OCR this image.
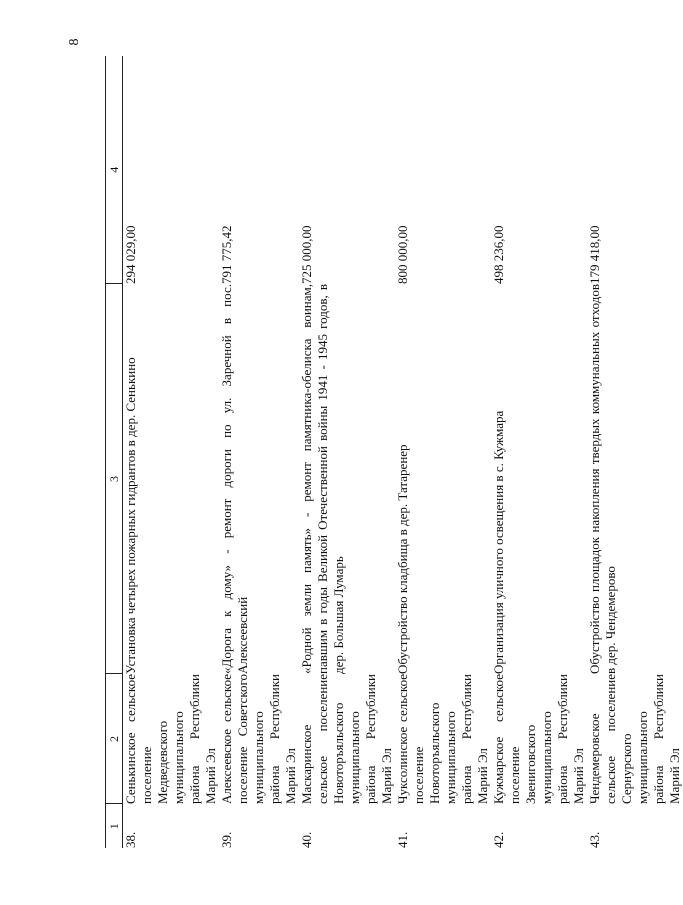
8
1	2	3	4
38.	Сенькинское сельское поселение Медведевского муниципального района Республики Марий Эл	Установка четырех пожарных гидрантов в дер. Сенькино	294 029,00
39.	Алексеевское сельское поселение Советского муниципального района Республики Марий Эл	«Дорога к дому» - ремонт дороги по ул. Заречной в пос. Алексеевский	791 775,42
40.	Маскаринское сельское поселение Новоторъяльского муниципального района Республики Марий Эл	«Родной земли память» - ремонт памятника-обелиска воинам, павшим в годы Великой Отечественной войны 1941 - 1945 годов, в дер. Большая Лумарь	725 000,00
41.	Чуксолинское сельское поселение Новоторъяльского муниципального района Республики Марий Эл	Обустройство кладбища в дер. Татаренер	800 000,00
42.	Кужмарское сельское поселение Звениговского муниципального района Республики Марий Эл	Организация уличного освещения в с. Кужмара	498 236,00
43.	Чендемеровское сельское поселение Сернурского муниципального района Республики Марий Эл	Обустройство площадок накопления твердых коммунальных отходов в дер. Чендемерово	179 418,00
